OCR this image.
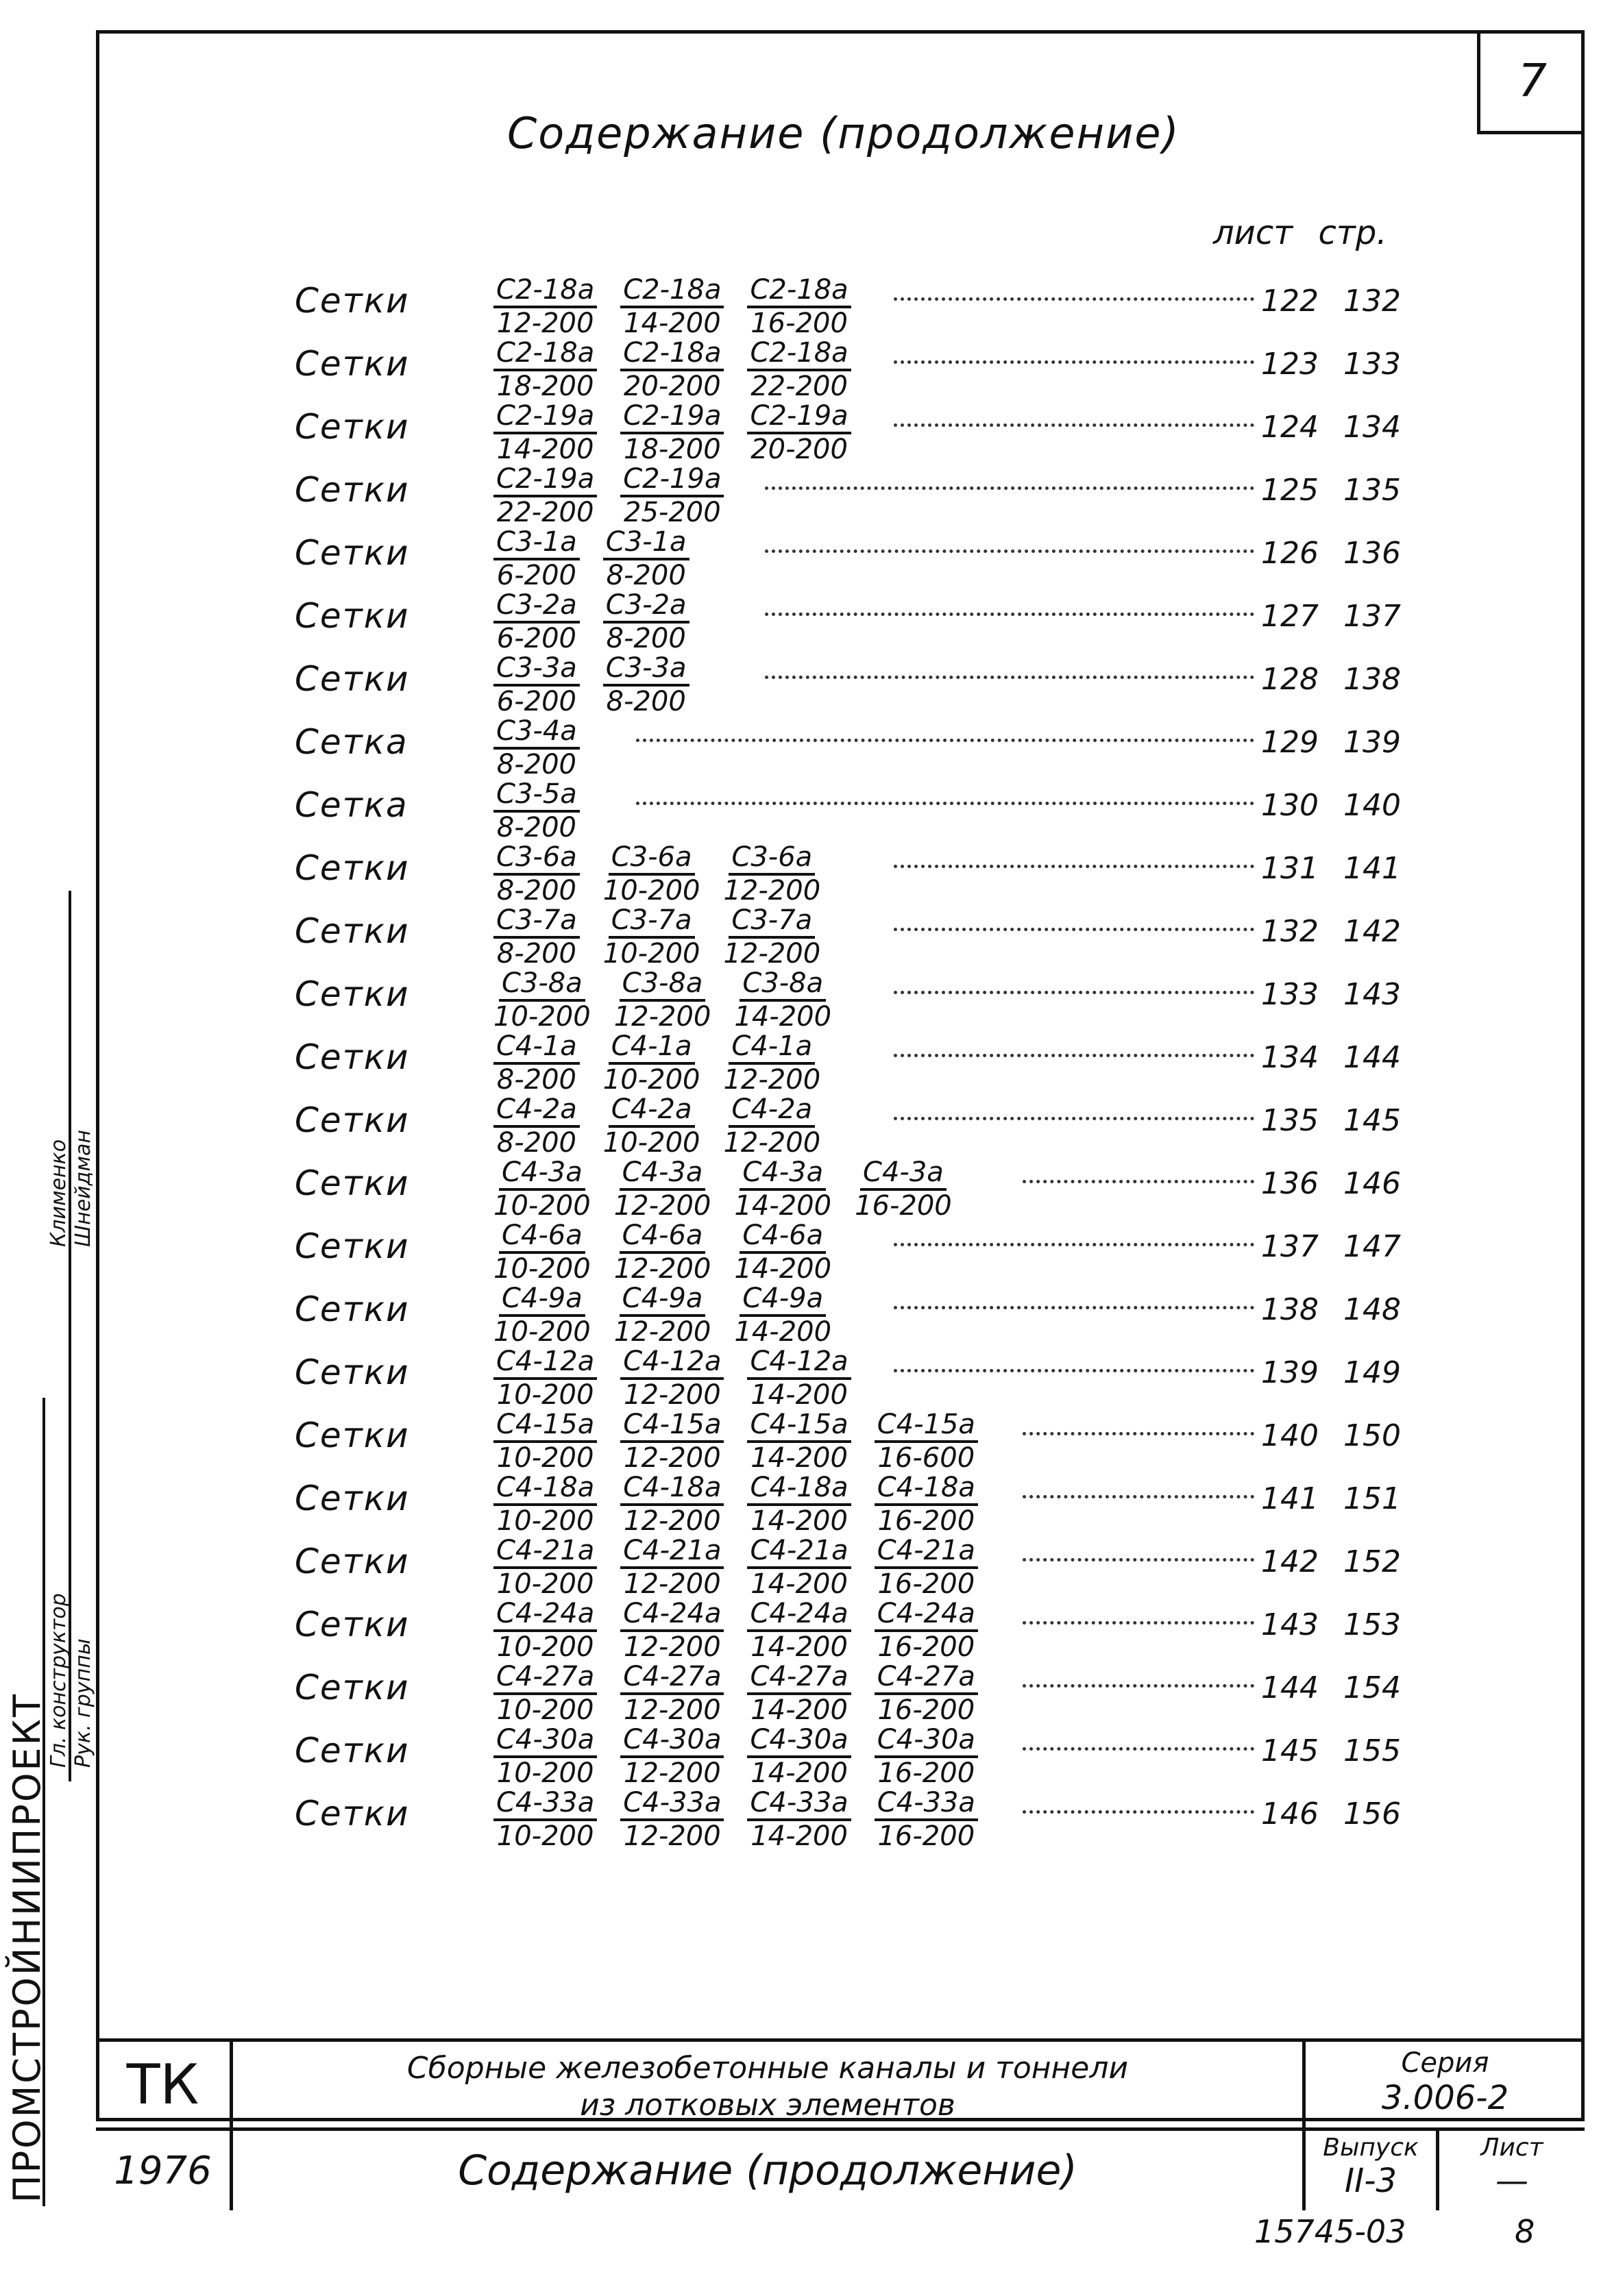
7
Содержание (продолжение)
лист стр.
Сетки	$\frac{С2-18а}{12-200} \frac{С2-18а}{14-200} \frac{С2-18а}{16-200}$	122 132
Сетки	$\frac{С2-18а}{18-200} \frac{С2-18а}{20-200} \frac{С2-18а}{22-200}$	123 133
Сетки	$\frac{С2-19а}{14-200} \frac{С2-19а}{18-200} \frac{С2-19а}{20-200}$	124 134
Сетки	$\frac{С2-19а}{22-200} \frac{С2-19а}{25-200}$	125 135
Сетки	$\frac{С3-1а}{6-200} \frac{С3-1а}{8-200}$	126 136
Сетки	$\frac{С3-2а}{6-200} \frac{С3-2а}{8-200}$	127 137
Сетки	$\frac{С3-3а}{6-200} \frac{С3-3а}{8-200}$	128 138
Сетка	$\frac{С3-4а}{8-200}$	129 139
Сетка	$\frac{С3-5а}{8-200}$	130 140
Сетки	$\frac{С3-6а}{8-200} \frac{С3-6а}{10-200} \frac{С3-6а}{12-200}$	131 141
Сетки	$\frac{С3-7а}{8-200} \frac{С3-7а}{10-200} \frac{С3-7а}{12-200}$	132 142
Сетки	$\frac{С3-8а}{10-200} \frac{С3-8а}{12-200} \frac{С3-8а}{14-200}$	133 143
Сетки	$\frac{С4-1а}{8-200} \frac{С4-1а}{10-200} \frac{С4-1а}{12-200}$	134 144
Сетки	$\frac{С4-2а}{8-200} \frac{С4-2а}{10-200} \frac{С4-2а}{12-200}$	135 145
Сетки	$\frac{С4-3а}{10-200} \frac{С4-3а}{12-200} \frac{С4-3а}{14-200} \frac{С4-3а}{16-200}$	136 146
Сетки	$\frac{С4-6а}{10-200} \frac{С4-6а}{12-200} \frac{С4-6а}{14-200}$	137 147
Сетки	$\frac{С4-9а}{10-200} \frac{С4-9а}{12-200} \frac{С4-9а}{14-200}$	138 148
Сетки	$\frac{С4-12а}{10-200} \frac{С4-12а}{12-200} \frac{С4-12а}{14-200}$	139 149
Сетки	$\frac{С4-15а}{10-200} \frac{С4-15а}{12-200} \frac{С4-15а}{14-200} \frac{С4-15а}{16-600}$	140 150
Сетки	$\frac{С4-18а}{10-200} \frac{С4-18а}{12-200} \frac{С4-18а}{14-200} \frac{С4-18а}{16-200}$	141 151
Сетки	$\frac{С4-21а}{10-200} \frac{С4-21а}{12-200} \frac{С4-21а}{14-200} \frac{С4-21а}{16-200}$	142 152
Сетки	$\frac{С4-24а}{10-200} \frac{С4-24а}{12-200} \frac{С4-24а}{14-200} \frac{С4-24а}{16-200}$	143 153
Сетки	$\frac{С4-27а}{10-200} \frac{С4-27а}{12-200} \frac{С4-27а}{14-200} \frac{С4-27а}{16-200}$	144 154
Сетки	$\frac{С4-30а}{10-200} \frac{С4-30а}{12-200} \frac{С4-30а}{14-200} \frac{С4-30а}{16-200}$	145 155
Сетки	$\frac{С4-33а}{10-200} \frac{С4-33а}{12-200} \frac{С4-33а}{14-200} \frac{С4-33а}{16-200}$	146 156
ПРОМСТРОЙНИИПРОЕКТ
Гл. конструктор Рук. группы
Клименко Шнейдман
ТК
1976
Сборные железобетонные каналы и тоннели
из лотковых элементов
Содержание (продолжение)
Серия
3.006-2
Выпуск
II-3
Лист
—
15745-03	8
